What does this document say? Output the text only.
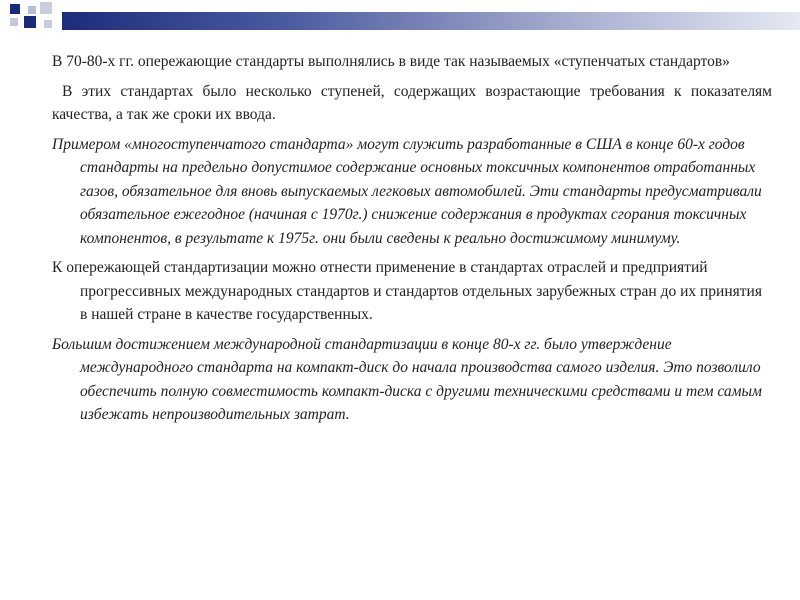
В 70-80-х гг. опережающие стандарты выполнялись в виде так называемых «ступенчатых стандартов»

В этих стандартах было несколько ступеней, содержащих возрастающие требования к показателям качества, а так же сроки их ввода.

Примером «многоступенчатого стандарта» могут служить разработанные в США в конце 60-х годов стандарты на предельно допустимое содержание основных токсичных компонентов отработанных газов, обязательное для вновь выпускаемых легковых автомобилей. Эти стандарты предусматривали обязательное ежегодное (начиная с 1970г.) снижение содержания в продуктах сгорания токсичных компонентов, в результате к 1975г. они были сведены к реально достижимому минимуму.

К опережающей стандартизации можно отнести применение в стандартах отраслей и предприятий прогрессивных международных стандартов и стандартов отдельных зарубежных стран до их принятия в нашей стране в качестве государственных.

Большим достижением международной стандартизации в конце 80-х гг. было утверждение международного стандарта на компакт-диск до начала производства самого изделия. Это позволило обеспечить полную совместимость компакт-диска с другими техническими средствами и тем самым избежать непроизводительных затрат.
